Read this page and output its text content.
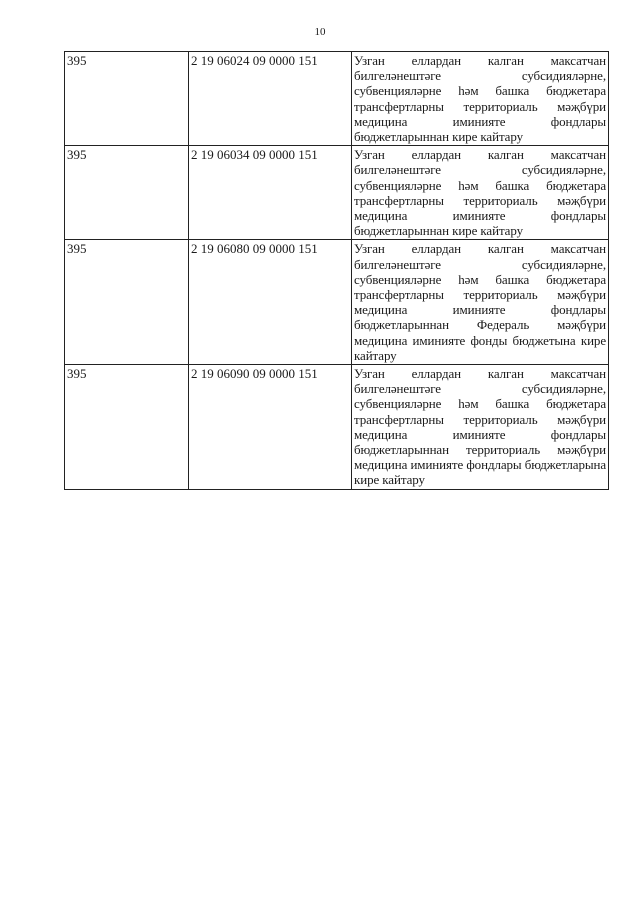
10
395	2 19 06024 09 0000 151	Узган еллардан калган максатчан билгеләнештәге субсидияләрне, субвенцияләрне һәм башка бюджетара трансфертларны территориаль мәҗбүри медицина иминияте фондлары бюджетларыннан кире кайтару
395	2 19 06034 09 0000 151	Узган еллардан калган максатчан билгеләнештәге субсидияләрне, субвенцияләрне һәм башка бюджетара трансфертларны территориаль мәҗбүри медицина иминияте фондлары бюджетларыннан кире кайтару
395	2 19 06080 09 0000 151	Узган еллардан калган максатчан билгеләнештәге субсидияләрне, субвенцияләрне һәм башка бюджетара трансфертларны территориаль мәҗбүри медицина иминияте фондлары бюджетларыннан Федераль мәҗбүри медицина иминияте фонды бюджетына кире кайтару
395	2 19 06090 09 0000 151	Узган еллардан калган максатчан билгеләнештәге субсидияләрне, субвенцияләрне һәм башка бюджетара трансфертларны территориаль мәҗбүри медицина иминияте фондлары бюджетларыннан территориаль мәҗбүри медицина иминияте фондлары бюджетларына кире кайтару
